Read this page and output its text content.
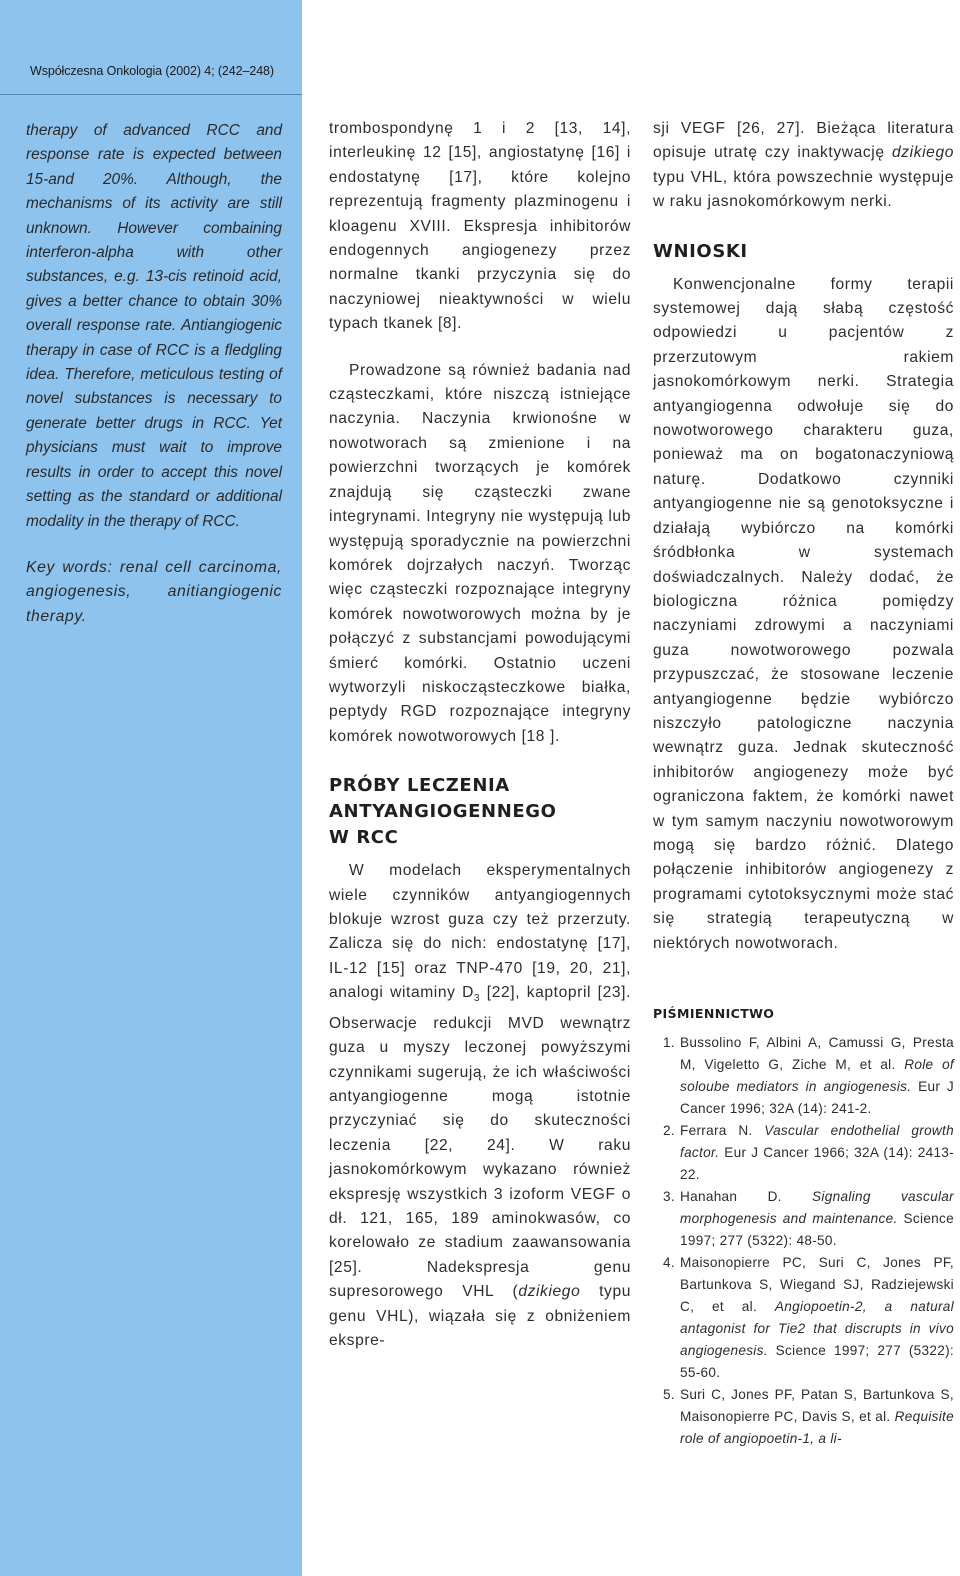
Współczesna Onkologia (2002) 4; (242–248)

therapy of advanced RCC and response rate is expected between 15-and 20%. Although, the mechanisms of its activity are still unknown. However combaining interferon-alpha with other substances, e.g. 13-cis retinoid acid, gives a better chance to obtain 30% overall response rate. Antiangiogenic therapy in case of RCC is a fledgling idea. Therefore, meticulous testing of novel substances is necessary to generate better drugs in RCC. Yet physicians must wait to improve results in order to accept this novel setting as the standard or additional modality in the therapy of RCC.

Key words: renal cell carcinoma, angiogenesis, anitiangiogenic therapy.

trombospondynę 1 i 2 [13, 14], interleukinę 12 [15], angiostatynę [16] i endostatynę [17], które kolejno reprezentują fragmenty plazminogenu i kloagenu XVIII. Ekspresja inhibitorów endogennych angiogenezy przez normalne tkanki przyczynia się do naczyniowej nieaktywności w wielu typach tkanek [8].

Prowadzone są również badania nad cząsteczkami, które niszczą istniejące naczynia. Naczynia krwionośne w nowotworach są zmienione i na powierzchni tworzących je komórek znajdują się cząsteczki zwane integrynami. Integryny nie występują lub występują sporadycznie na powierzchni komórek dojrzałych naczyń. Tworząc więc cząsteczki rozpoznające integryny komórek nowotworowych można by je połączyć z substancjami powodującymi śmierć komórki. Ostatnio uczeni wytworzyli niskocząsteczkowe białka, peptydy RGD rozpoznające integryny komórek nowotworowych [18 ].

PRÓBY LECZENIA
ANTYANGIOGENNEGO
W RCC

W modelach eksperymentalnych wiele czynników antyangiogennych blokuje wzrost guza czy też przerzuty. Zalicza się do nich: endostatynę [17], IL-12 [15] oraz TNP-470 [19, 20, 21], analogi witaminy $D_3$ [22], kaptopril [23]. Obserwacje redukcji MVD wewnątrz guza u myszy leczonej powyższymi czynnikami sugerują, że ich właściwości antyangiogenne mogą istotnie przyczyniać się do skuteczności leczenia [22, 24]. W raku jasnokomórkowym wykazano również ekspresję wszystkich 3 izoform VEGF o dł. 121, 165, 189 aminokwasów, co korelowało ze stadium zaawansowania [25]. Nadekspresja genu supresorowego VHL (dzikiego typu genu VHL), wiązała się z obniżeniem ekspre-

sji VEGF [26, 27]. Bieżąca literatura opisuje utratę czy inaktywację dzikiego typu VHL, która powszechnie występuje w raku jasnokomórkowym nerki.

WNIOSKI

Konwencjonalne formy terapii systemowej dają słabą częstość odpowiedzi u pacjentów z przerzutowym rakiem jasnokomórkowym nerki. Strategia antyangiogenna odwołuje się do nowotworowego charakteru guza, ponieważ ma on bogatonaczyniową naturę. Dodatkowo czynniki antyangiogenne nie są genotoksyczne i działają wybiórczo na komórki śródbłonka w systemach doświadczalnych. Należy dodać, że biologiczna różnica pomiędzy naczyniami zdrowymi a naczyniami guza nowotworowego pozwala przypuszczać, że stosowane leczenie antyangiogenne będzie wybiórczo niszczyło patologiczne naczynia wewnątrz guza. Jednak skuteczność inhibitorów angiogenezy może być ograniczona faktem, że komórki nawet w tym samym naczyniu nowotworowym mogą się bardzo różnić. Dlatego połączenie inhibitorów angiogenezy z programami cytotoksycznymi może stać się strategią terapeutyczną w niektórych nowotworach.

PIŚMIENNICTWO
1. Bussolino F, Albini A, Camussi G, Presta M, Vigeletto G, Ziche M, et al. Role of soloube mediators in angiogenesis. Eur J Cancer 1996; 32A (14): 241-2.
2. Ferrara N. Vascular endothelial growth factor. Eur J Cancer 1966; 32A (14): 2413-22.
3. Hanahan D. Signaling vascular morphogenesis and maintenance. Science 1997; 277 (5322): 48-50.
4. Maisonopierre PC, Suri C, Jones PF, Bartunkova S, Wiegand SJ, Radziejewski C, et al. Angiopoetin-2, a natural antagonist for Tie2 that discrupts in vivo angiogenesis. Science 1997; 277 (5322): 55-60.
5. Suri C, Jones PF, Patan S, Bartunkova S, Maisonopierre PC, Davis S, et al. Requisite role of angiopoetin-1, a li-
